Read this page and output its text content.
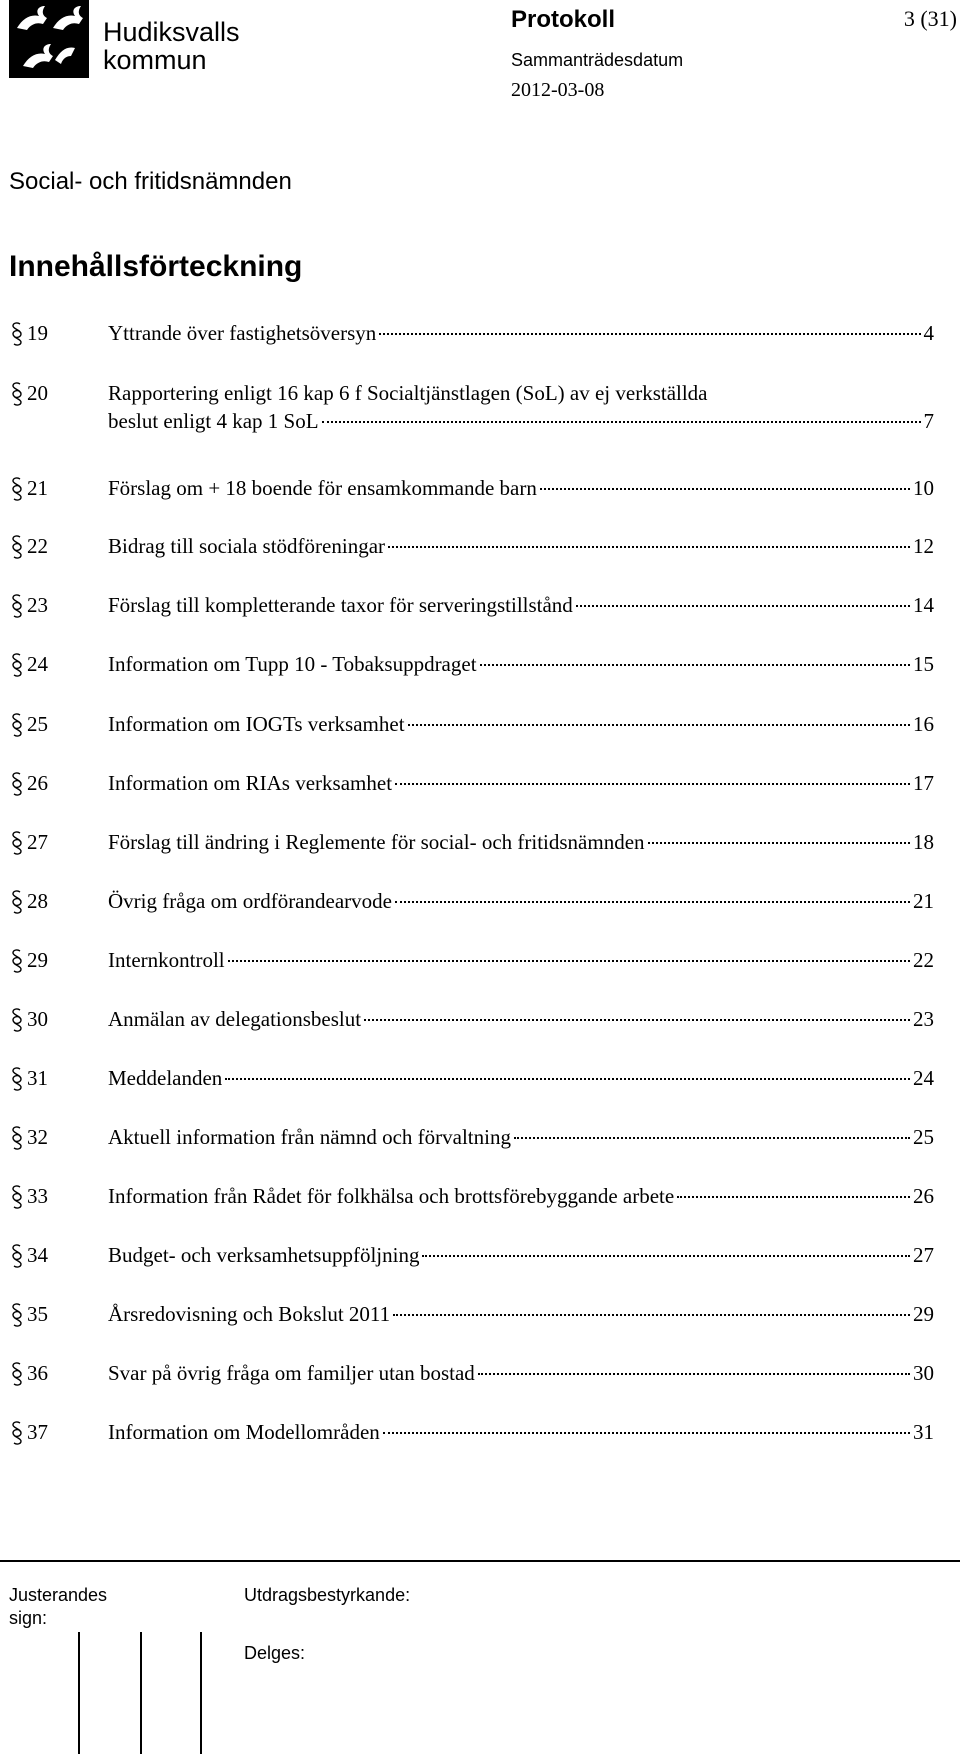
Hudiksvalls
kommun
Protokoll	3 (31)
Sammanträdesdatum
2012-03-08
Social- och fritidsnämnden
Innehållsförteckning
19	Yttrande över fastighetsöversyn	4
20	Rapportering enligt 16 kap 6 f Socialtjänstlagen (SoL) av ej verkställda
beslut enligt 4 kap 1 SoL	7
21	Förslag om + 18 boende för ensamkommande barn	10
22	Bidrag till sociala stödföreningar	12
23	Förslag till kompletterande taxor för serveringstillstånd	14
24	Information om Tupp 10 - Tobaksuppdraget	15
25	Information om IOGTs verksamhet	16
26	Information om RIAs verksamhet	17
27	Förslag till ändring i Reglemente för social- och fritidsnämnden	18
28	Övrig fråga om ordförandearvode	21
29	Internkontroll	22
30	Anmälan av delegationsbeslut	23
31	Meddelanden	24
32	Aktuell information från nämnd och förvaltning	25
33	Information från Rådet för folkhälsa och brottsförebyggande arbete	26
34	Budget- och verksamhetsuppföljning	27
35	Årsredovisning och Bokslut 2011	29
36	Svar på övrig fråga om familjer utan bostad	30
37	Information om Modellområden	31
Justerandes
sign:
Utdragsbestyrkande:
Delges:
